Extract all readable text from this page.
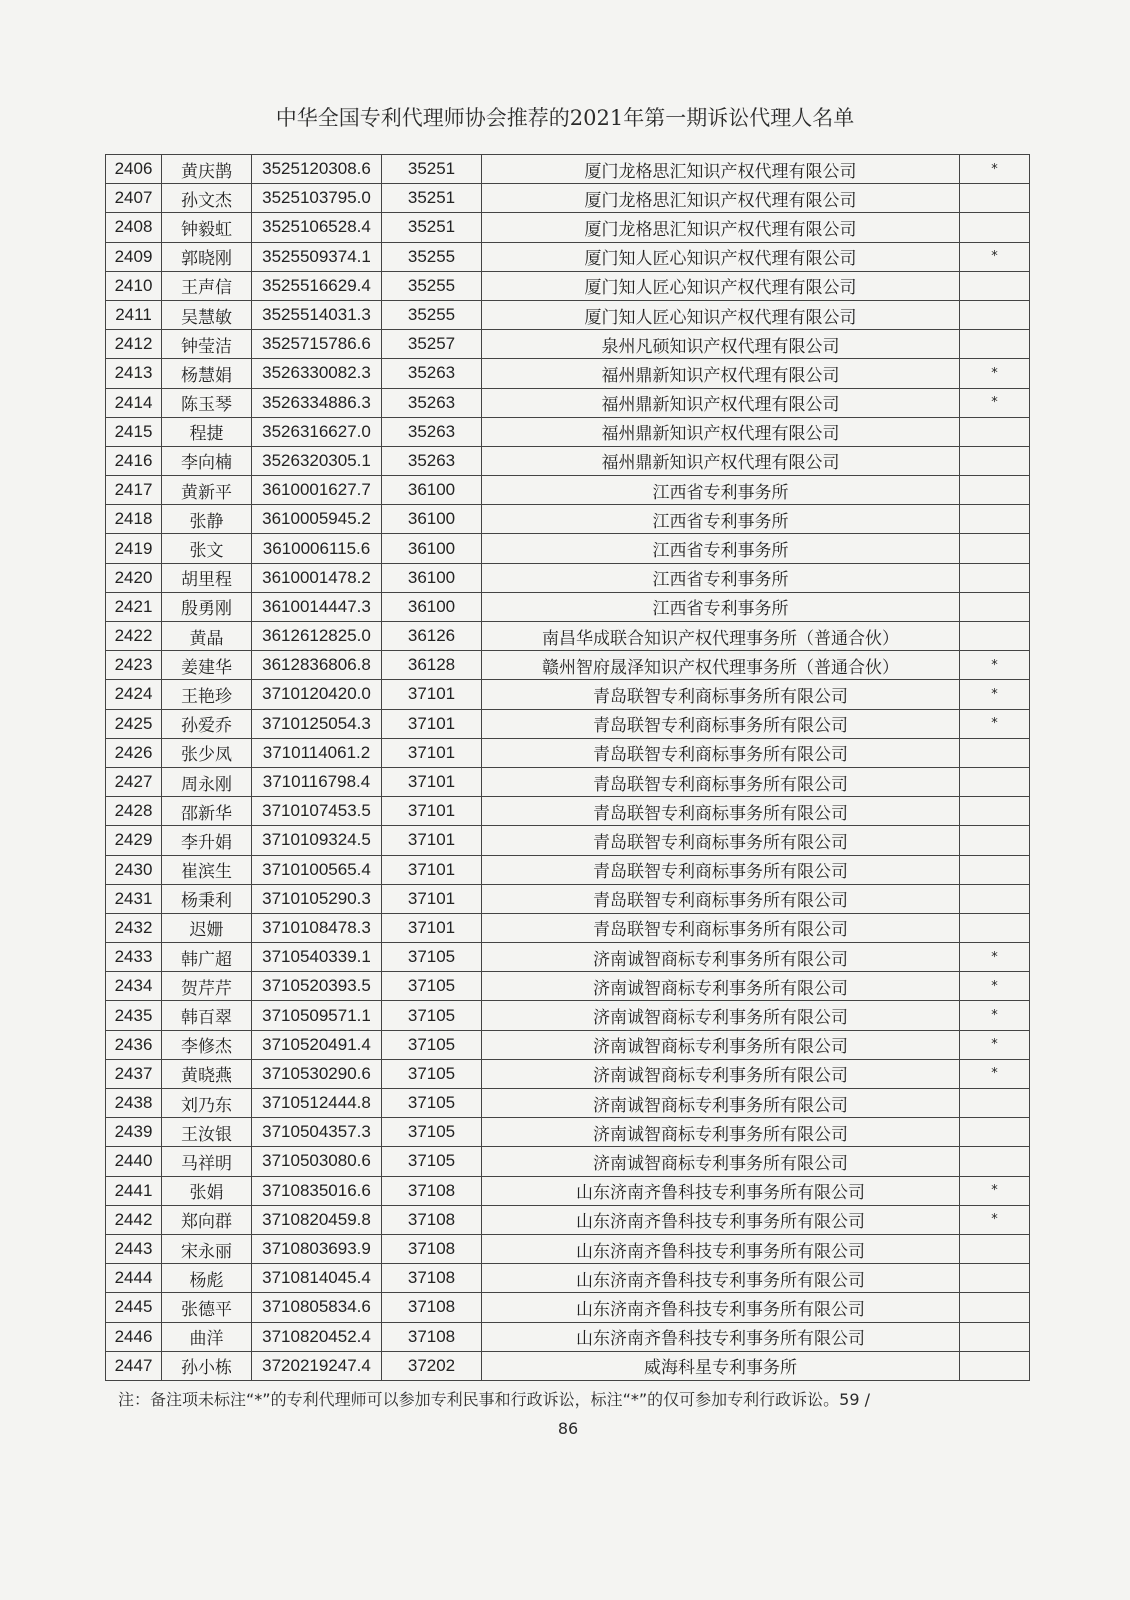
中华全国专利代理师协会推荐的2021年第一期诉讼代理人名单
2406	黄庆鹊	3525120308.6	35251	厦门龙格思汇知识产权代理有限公司	*
2407	孙文杰	3525103795.0	35251	厦门龙格思汇知识产权代理有限公司	
2408	钟毅虹	3525106528.4	35251	厦门龙格思汇知识产权代理有限公司	
2409	郭晓刚	3525509374.1	35255	厦门知人匠心知识产权代理有限公司	*
2410	王声信	3525516629.4	35255	厦门知人匠心知识产权代理有限公司	
2411	吴慧敏	3525514031.3	35255	厦门知人匠心知识产权代理有限公司	
2412	钟莹洁	3525715786.6	35257	泉州凡硕知识产权代理有限公司	
2413	杨慧娟	3526330082.3	35263	福州鼎新知识产权代理有限公司	*
2414	陈玉琴	3526334886.3	35263	福州鼎新知识产权代理有限公司	*
2415	程捷	3526316627.0	35263	福州鼎新知识产权代理有限公司	
2416	李向楠	3526320305.1	35263	福州鼎新知识产权代理有限公司	
2417	黄新平	3610001627.7	36100	江西省专利事务所	
2418	张静	3610005945.2	36100	江西省专利事务所	
2419	张文	3610006115.6	36100	江西省专利事务所	
2420	胡里程	3610001478.2	36100	江西省专利事务所	
2421	殷勇刚	3610014447.3	36100	江西省专利事务所	
2422	黄晶	3612612825.0	36126	南昌华成联合知识产权代理事务所（普通合伙）	
2423	姜建华	3612836806.8	36128	赣州智府晟泽知识产权代理事务所（普通合伙）	*
2424	王艳珍	3710120420.0	37101	青岛联智专利商标事务所有限公司	*
2425	孙爱乔	3710125054.3	37101	青岛联智专利商标事务所有限公司	*
2426	张少凤	3710114061.2	37101	青岛联智专利商标事务所有限公司	
2427	周永刚	3710116798.4	37101	青岛联智专利商标事务所有限公司	
2428	邵新华	3710107453.5	37101	青岛联智专利商标事务所有限公司	
2429	李升娟	3710109324.5	37101	青岛联智专利商标事务所有限公司	
2430	崔滨生	3710100565.4	37101	青岛联智专利商标事务所有限公司	
2431	杨秉利	3710105290.3	37101	青岛联智专利商标事务所有限公司	
2432	迟姗	3710108478.3	37101	青岛联智专利商标事务所有限公司	
2433	韩广超	3710540339.1	37105	济南诚智商标专利事务所有限公司	*
2434	贺芹芹	3710520393.5	37105	济南诚智商标专利事务所有限公司	*
2435	韩百翠	3710509571.1	37105	济南诚智商标专利事务所有限公司	*
2436	李修杰	3710520491.4	37105	济南诚智商标专利事务所有限公司	*
2437	黄晓燕	3710530290.6	37105	济南诚智商标专利事务所有限公司	*
2438	刘乃东	3710512444.8	37105	济南诚智商标专利事务所有限公司	
2439	王汝银	3710504357.3	37105	济南诚智商标专利事务所有限公司	
2440	马祥明	3710503080.6	37105	济南诚智商标专利事务所有限公司	
2441	张娟	3710835016.6	37108	山东济南齐鲁科技专利事务所有限公司	*
2442	郑向群	3710820459.8	37108	山东济南齐鲁科技专利事务所有限公司	*
2443	宋永丽	3710803693.9	37108	山东济南齐鲁科技专利事务所有限公司	
2444	杨彪	3710814045.4	37108	山东济南齐鲁科技专利事务所有限公司	
2445	张德平	3710805834.6	37108	山东济南齐鲁科技专利事务所有限公司	
2446	曲洋	3710820452.4	37108	山东济南齐鲁科技专利事务所有限公司	
2447	孙小栋	3720219247.4	37202	威海科星专利事务所	
注：备注项未标注“*”的专利代理师可以参加专利民事和行政诉讼，标注“*”的仅可参加专利行政诉讼。59 /
86
